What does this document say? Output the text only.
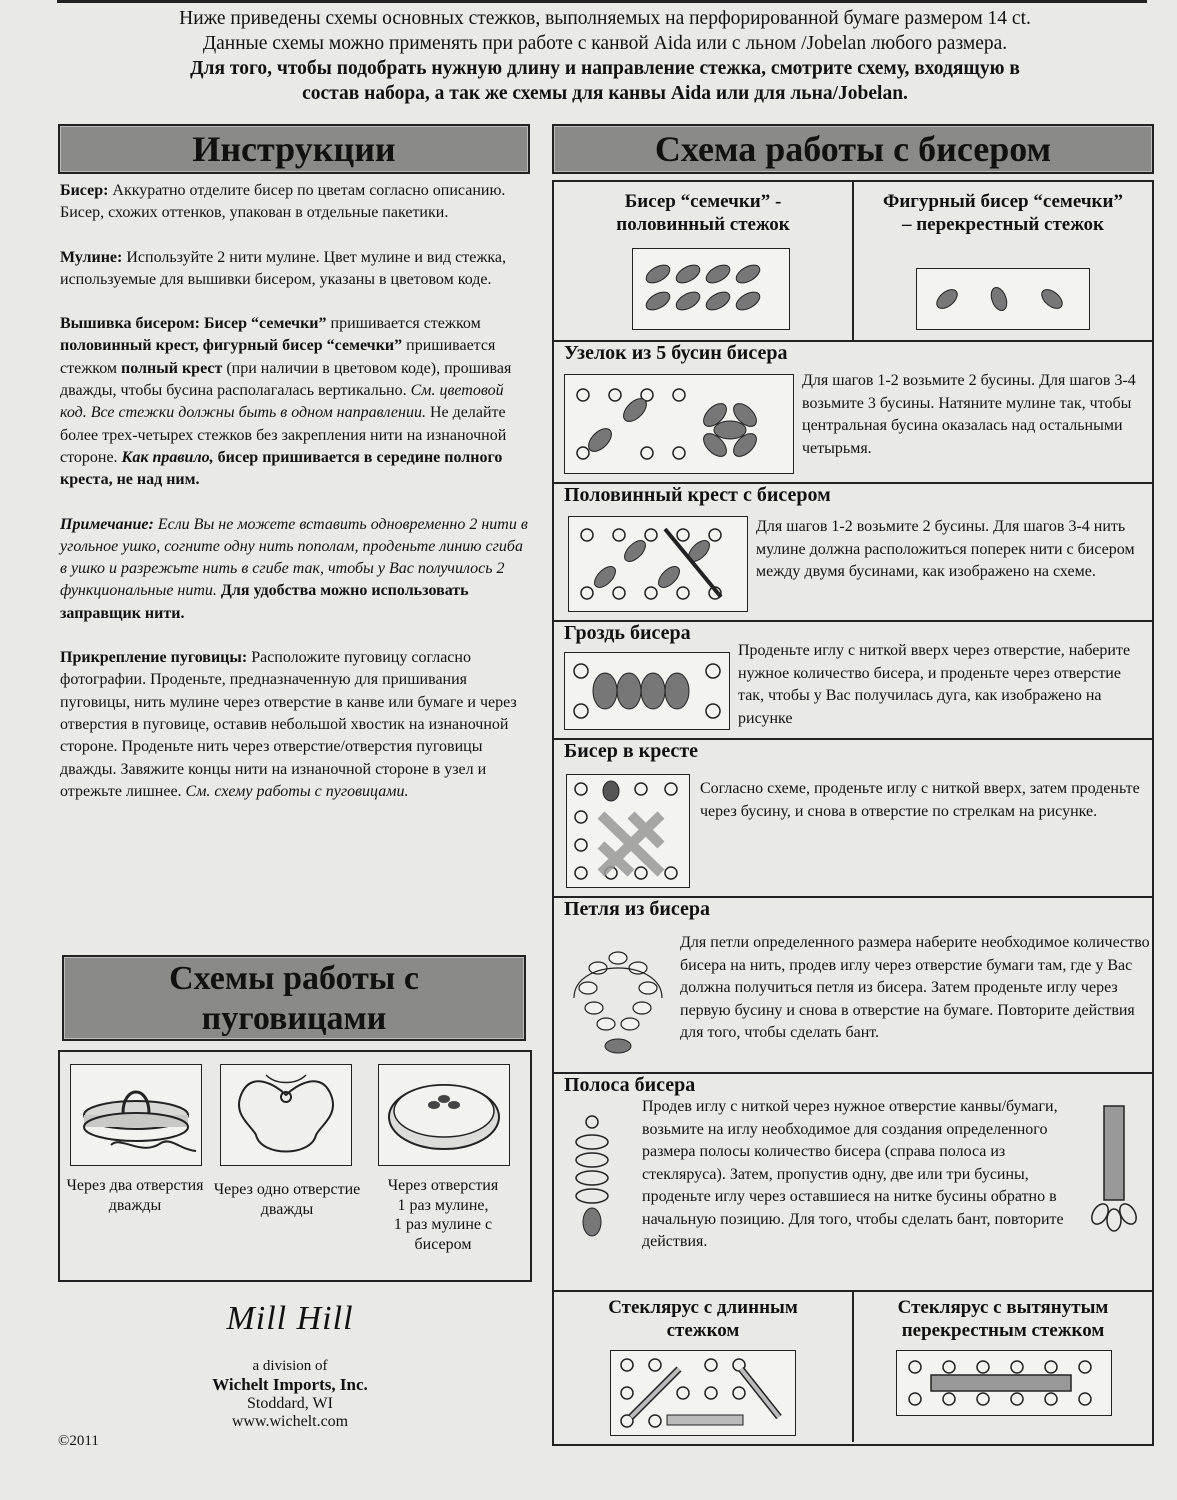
Ниже приведены схемы основных стежков, выполняемых на перфорированной бумаге размером 14 ct.
Данные схемы можно применять при работе с канвой Aida или с льном /Jobelan любого размера.
Для того, чтобы подобрать нужную длину и направление стежка, смотрите схему, входящую в
состав набора, а так же схемы для канвы Aida или для льна/Jobelan.
Инструкции

Бисер: Аккуратно отделите бисер по цветам согласно описанию. Бисер, схожих оттенков, упакован в отдельные пакетики.

Мулине: Используйте 2 нити мулине. Цвет мулине и вид стежка, используемые для вышивки бисером, указаны в цветовом коде.

Вышивка бисером: Бисер “семечки” пришивается стежком половинный крест, фигурный бисер “семечки” пришивается стежком полный крест (при наличии в цветовом коде), прошивая дважды, чтобы бусина располагалась вертикально. См. цветовой код. Все стежки должны быть в одном направлении. Не делайте более трех-четырех стежков без закрепления нити на изнаночной стороне. Как правило, бисер пришивается в середине полного креста, не над ним.

Примечание: Если Вы не можете вставить одновременно 2 нити в угольное ушко, согните одну нить пополам, проденьте линию сгиба в ушко и разрежьте нить в сгибе так, чтобы у Вас получилось 2 функциональные нити. Для удобства можно использовать заправщик нити.

Прикрепление пуговицы: Расположите пуговицу согласно фотографии. Проденьте, предназначенную для пришивания пуговицы, нить мулине через отверстие в канве или бумаге и через отверстия в пуговице, оставив небольшой хвостик на изнаночной стороне. Проденьте нить через отверстие/отверстия пуговицы дважды. Завяжите концы нити на изнаночной стороне в узел и отрежьте лишнее. См. схему работы с пуговицами.

Схемы работы с
пуговицами
Через два отверстия дважды
Через одно отверстие дважды
Через отверстия
1 раз мулине,
1 раз мулине с
бисером
Mill Hill
a division of
Wichelt Imports, Inc.
Stoddard, WI
www.wichelt.com
©2011
Схема работы с бисером
Бисер “семечки” -
половинный стежок
Фигурный бисер “семечки”
– перекрестный стежок
Узелок из 5 бусин бисера
Для шагов 1-2 возьмите 2 бусины. Для шагов 3-4 возьмите 3 бусины. Натяните мулине так, чтобы центральная бусина оказалась над остальными четырьмя.
Половинный крест с бисером
Для шагов 1-2 возьмите 2 бусины. Для шагов 3-4 нить мулине должна расположиться поперек нити с бисером между двумя бусинами, как изображено на схеме.
Гроздь бисера
Проденьте иглу с ниткой вверх через отверстие, наберите нужное количество бисера, и проденьте через отверстие так, чтобы у Вас получилась дуга, как изображено на рисунке
Бисер в кресте
Согласно схеме, проденьте иглу с ниткой вверх, затем проденьте через бусину, и снова в отверстие по стрелкам на рисунке.
Петля из бисера
Для петли определенного размера наберите необходимое количество бисера на нить, продев иглу через отверстие бумаги там, где у Вас должна получиться петля из бисера. Затем проденьте иглу через первую бусину и снова в отверстие на бумаге. Повторите действия для того, чтобы сделать бант.
Полоса бисера
Продев иглу с ниткой через нужное отверстие канвы/бумаги, возьмите на иглу необходимое для создания определенного размера полосы количество бисера (справа полоса из стекляруса). Затем, пропустив одну, две или три бусины, проденьте иглу через оставшиеся на нитке бусины обратно в начальную позицию. Для того, чтобы сделать бант, повторите действия.
Стеклярус с длинным
стежком
Стеклярус с вытянутым
перекрестным стежком
